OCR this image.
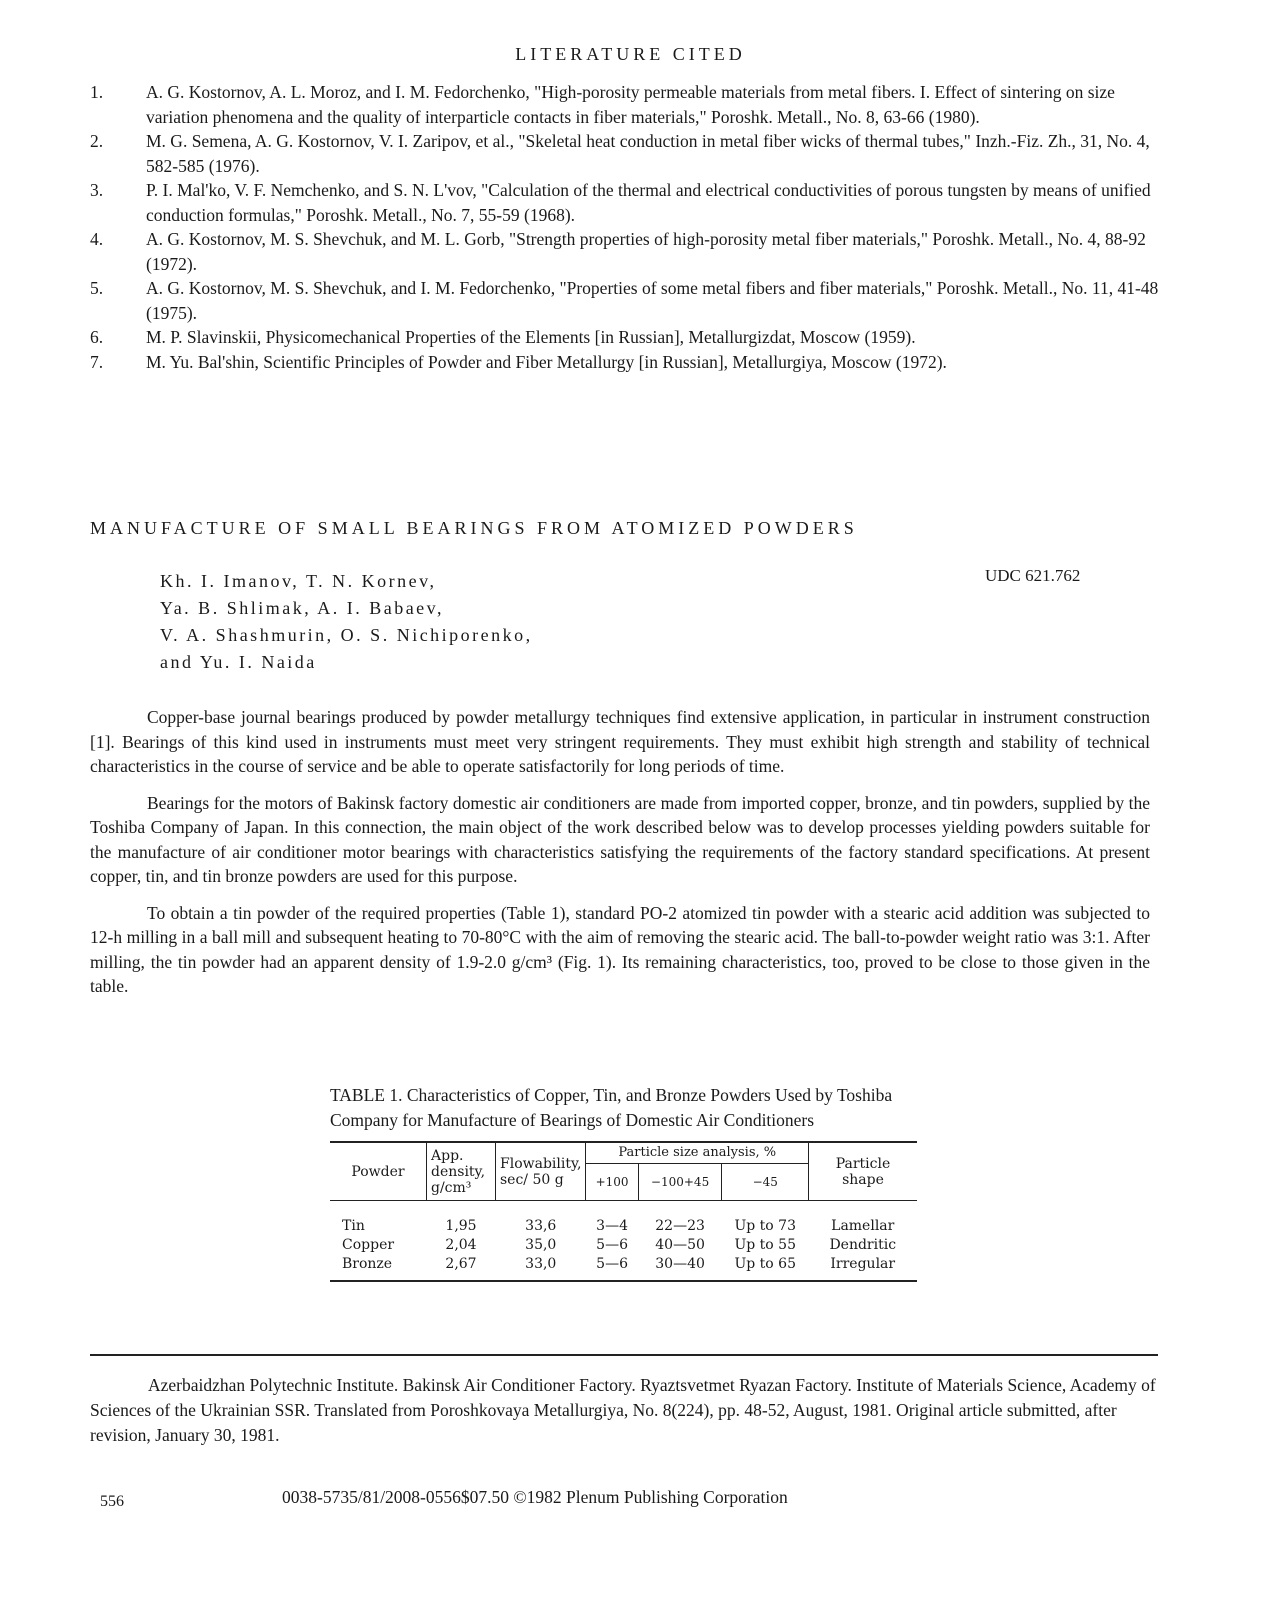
LITERATURE CITED
1.	A. G. Kostornov, A. L. Moroz, and I. M. Fedorchenko, "High-porosity permeable materials from metal fibers. I. Effect of sintering on size variation phenomena and the quality of interparticle contacts in fiber materials," Poroshk. Metall., No. 8, 63-66 (1980).
2.	M. G. Semena, A. G. Kostornov, V. I. Zaripov, et al., "Skeletal heat conduction in metal fiber wicks of thermal tubes," Inzh.-Fiz. Zh., 31, No. 4, 582-585 (1976).
3.	P. I. Mal'ko, V. F. Nemchenko, and S. N. L'vov, "Calculation of the thermal and electrical conductivities of porous tungsten by means of unified conduction formulas," Poroshk. Metall., No. 7, 55-59 (1968).
4.	A. G. Kostornov, M. S. Shevchuk, and M. L. Gorb, "Strength properties of high-porosity metal fiber materials," Poroshk. Metall., No. 4, 88-92 (1972).
5.	A. G. Kostornov, M. S. Shevchuk, and I. M. Fedorchenko, "Properties of some metal fibers and fiber materials," Poroshk. Metall., No. 11, 41-48 (1975).
6.	M. P. Slavinskii, Physicomechanical Properties of the Elements [in Russian], Metallurgizdat, Moscow (1959).
7.	M. Yu. Bal'shin, Scientific Principles of Powder and Fiber Metallurgy [in Russian], Metallurgiya, Moscow (1972).
MANUFACTURE OF SMALL BEARINGS FROM ATOMIZED POWDERS
Kh. I. Imanov, T. N. Kornev,
Ya. B. Shlimak, A. I. Babaev,
V. A. Shashmurin, O. S. Nichiporenko,
and Yu. I. Naida
UDC 621.762

Copper-base journal bearings produced by powder metallurgy techniques find extensive application, in particular in instrument construction [1]. Bearings of this kind used in instruments must meet very stringent requirements. They must exhibit high strength and stability of technical characteristics in the course of service and be able to operate satisfactorily for long periods of time.

Bearings for the motors of Bakinsk factory domestic air conditioners are made from imported copper, bronze, and tin powders, supplied by the Toshiba Company of Japan. In this connection, the main object of the work described below was to develop processes yielding powders suitable for the manufacture of air conditioner motor bearings with characteristics satisfying the requirements of the factory standard specifications. At present copper, tin, and tin bronze powders are used for this purpose.

To obtain a tin powder of the required properties (Table 1), standard PO-2 atomized tin powder with a stearic acid addition was subjected to 12-h milling in a ball mill and subsequent heating to 70-80°C with the aim of removing the stearic acid. The ball-to-powder weight ratio was 3:1. After milling, the tin powder had an apparent density of 1.9-2.0 g/cm³ (Fig. 1). Its remaining characteristics, too, proved to be close to those given in the table.

TABLE 1. Characteristics of Copper, Tin, and Bronze Powders Used by Toshiba Company for Manufacture of Bearings of Domestic Air Conditioners
Powder	App. density, g/cm³	Flowability, sec/ 50 g	Particle size analysis, %			Particle shape
			+100	−100+45	−45	
Tin	1,95	33,6	3—4	22—23	Up to 73	Lamellar
Copper	2,04	35,0	5—6	40—50	Up to 55	Dendritic
Bronze	2,67	33,0	5—6	30—40	Up to 65	Irregular
Azerbaidzhan Polytechnic Institute. Bakinsk Air Conditioner Factory. Ryaztsvetmet Ryazan Factory. Institute of Materials Science, Academy of Sciences of the Ukrainian SSR. Translated from Poroshkovaya Metallurgiya, No. 8(224), pp. 48-52, August, 1981. Original article submitted, after revision, January 30, 1981.
556	0038-5735/81/2008-0556$07.50 ©1982 Plenum Publishing Corporation
